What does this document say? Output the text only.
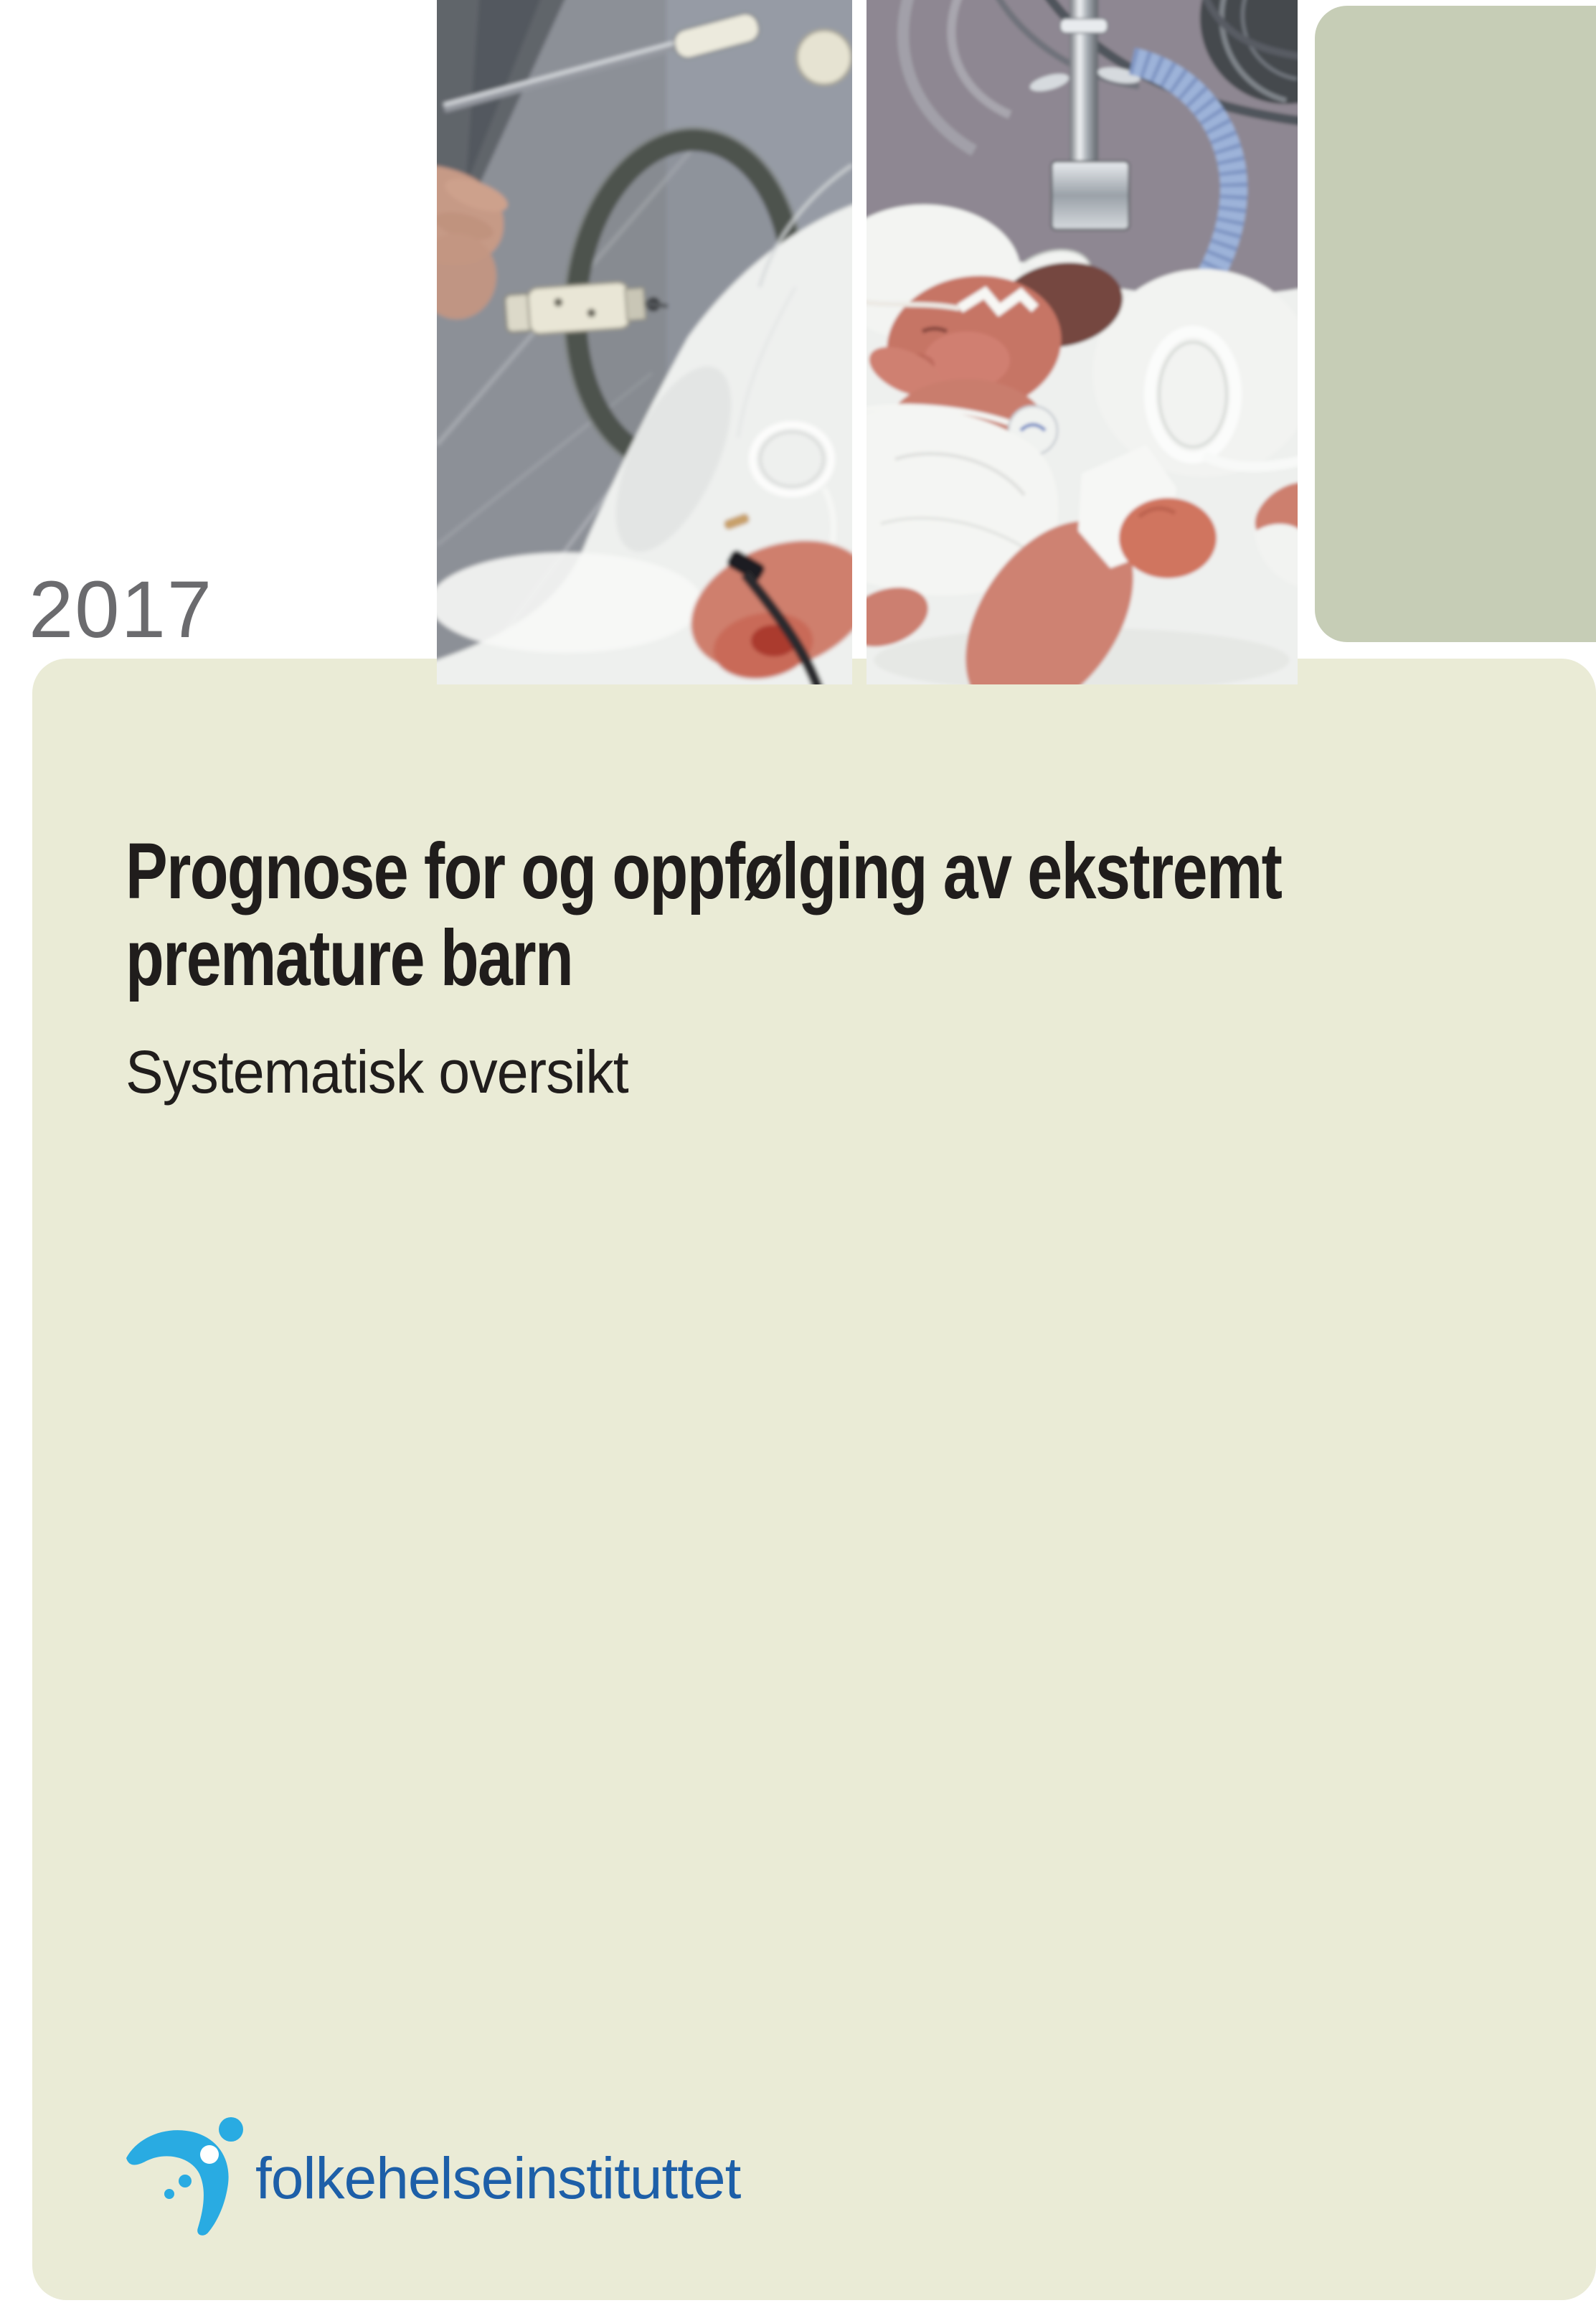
2017
Prognose for og oppfølging av ekstremt
premature barn
Systematisk oversikt
folkehelseinstituttet
